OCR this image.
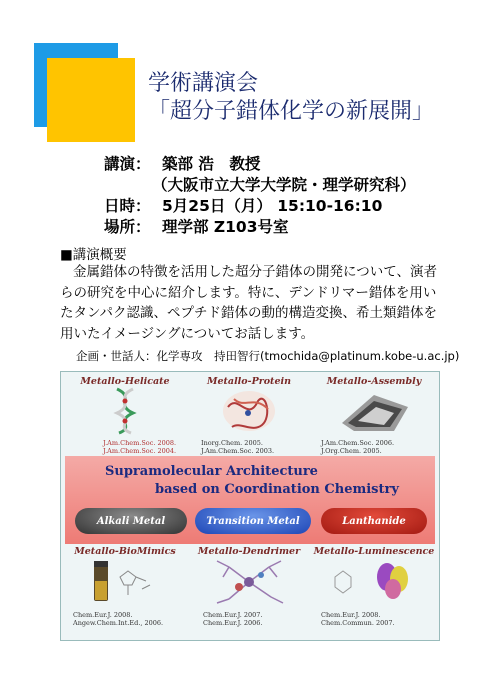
学術講演会
「超分子錯体化学の新展開」
講演： 築部 浩　教授
（大阪市立大学大学院・理学研究科）
日時： 5月25日（月） 15:10-16:10
場所： 理学部 Z103号室
■講演概要

金属錯体の特徴を活用した超分子錯体の開発について、演者らの研究を中心に紹介します。特に、デンドリマー錯体を用いたタンパク認識、ペプチド錯体の動的構造変換、希土類錯体を用いたイメージングについてお話します。

企画・世話人：化学専攻　持田智行(tmochida@platinum.kobe-u.ac.jp)
Metallo-Helicate
J.Am.Chem.Soc. 2008.
J.Am.Chem.Soc. 2004.
Metallo-Protein
Inorg.Chem. 2005.
J.Am.Chem.Soc. 2003.
Metallo-Assembly
J.Am.Chem.Soc. 2006.
J.Org.Chem. 2005.
Supramolecular Architecture
based on Coordination Chemistry
Alkali Metal	Transition Metal	Lanthanide
Metallo-BioMimics
Chem.Eur.J. 2008.
Angew.Chem.Int.Ed., 2006.
Metallo-Dendrimer
Chem.Eur.J. 2007.
Chem.Eur.J. 2006.
Metallo-Luminescence
Chem.Eur.J. 2008.
Chem.Commun. 2007.
